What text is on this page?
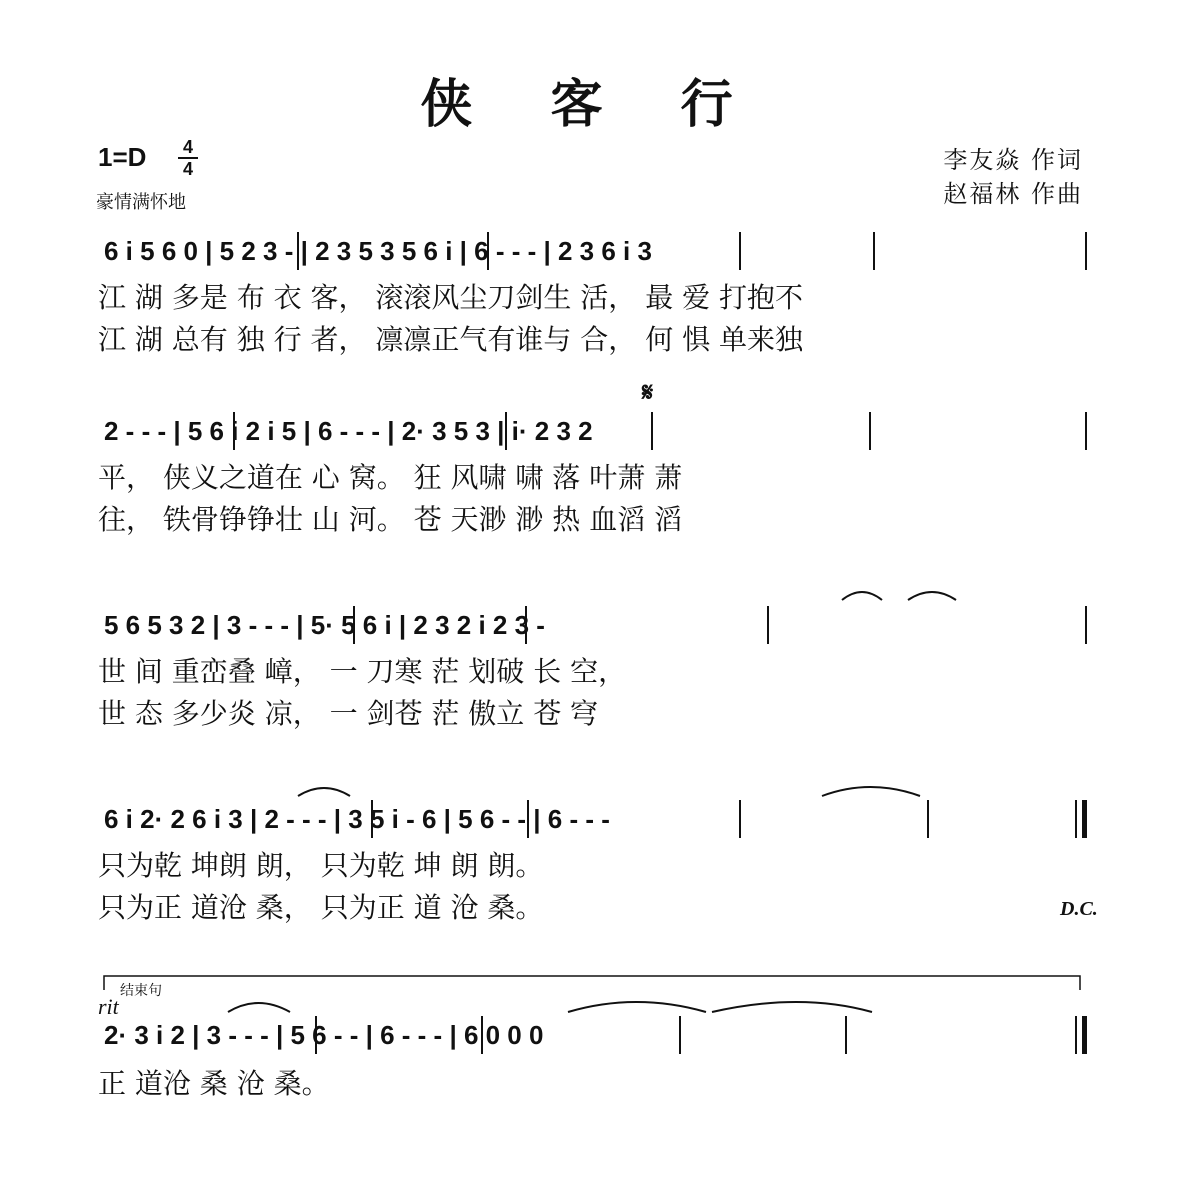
侠 客 行
1=D	4
4
豪情满怀地
李友焱 作词
赵福林 作曲
6 i 5 6 0 | 5 2 3 - | 2 3 5 3 5 6 i | 6 - - - | 2 3 6 i 3
江 湖 多是 布 衣 客， 滚滚风尘刀剑生 活， 最 爱 打抱不
江 湖 总有 独 行 者， 凛凛正气有谁与 合， 何 惧 单来独
𝄋
2 - - - | 5 6 i 2 i 5 | 6 - - - | 2· 3 5 3 | i· 2 3 2
平， 侠义之道在 心 窝。 狂 风啸 啸 落 叶萧 萧
往， 铁骨铮铮壮 山 河。 苍 天渺 渺 热 血滔 滔
5 6 5 3 2 | 3 - - - | 5· 5 6 i | 2 3 2 i 2 3 -
世 间 重峦叠 嶂， 一 刀寒 茫 划破 长 空，
世 态 多少炎 凉， 一 剑苍 茫 傲立 苍 穹
6 i 2· 2 6 i 3 | 2 - - - | 3 5 i - 6 | 5 6 - - | 6 - - -
只为乾 坤朗 朗， 只为乾 坤 朗 朗。
只为正 道沧 桑， 只为正 道 沧 桑。	D.C.
结束句
rit
2· 3 i 2 | 3 - - - | 5 6 - - | 6 - - - | 6 0 0 0
正 道沧 桑 沧 桑。
